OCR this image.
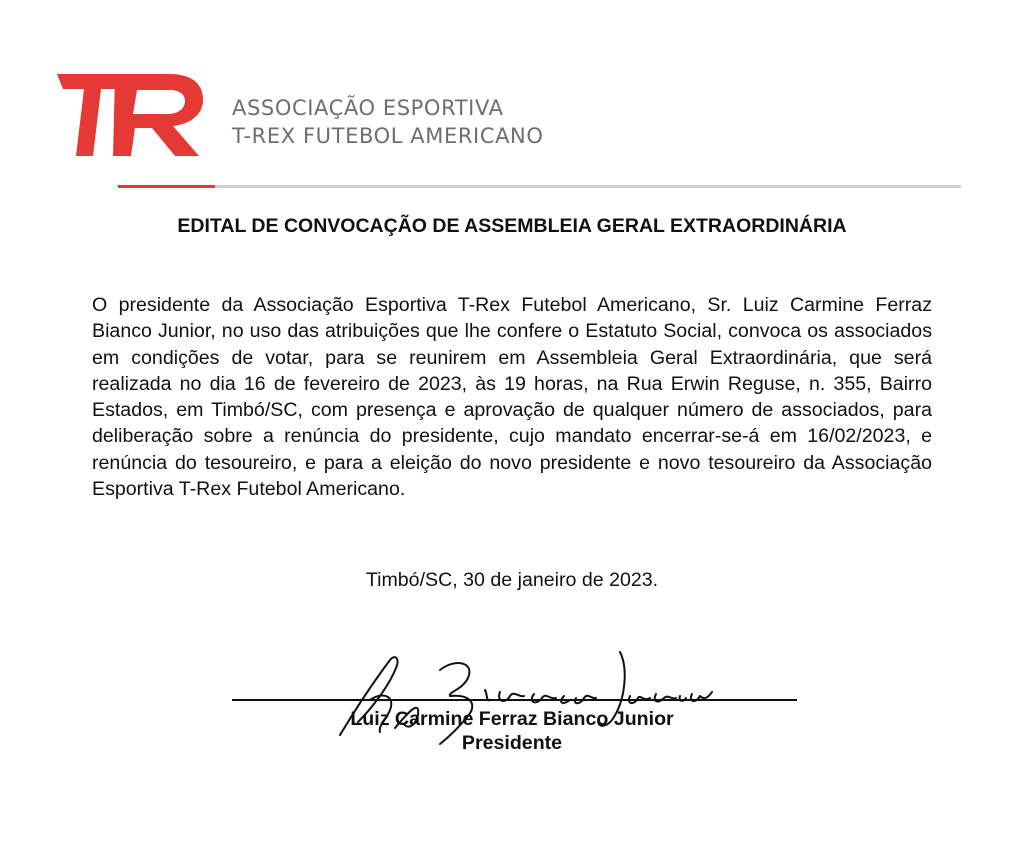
ASSOCIAÇÃO ESPORTIVA
T-REX FUTEBOL AMERICANO
EDITAL DE CONVOCAÇÃO DE ASSEMBLEIA GERAL EXTRAORDINÁRIA

O presidente da Associação Esportiva T-Rex Futebol Americano, Sr. Luiz Carmine Ferraz Bianco Junior, no uso das atribuições que lhe confere o Estatuto Social, convoca os associados em condições de votar, para se reunirem em Assembleia Geral Extraordinária, que será realizada no dia 16 de fevereiro de 2023, às 19 horas, na Rua Erwin Reguse, n. 355, Bairro Estados, em Timbó/SC, com presença e aprovação de qualquer número de associados, para deliberação sobre a renúncia do presidente, cujo mandato encerrar-se-á em 16/02/2023, e renúncia do tesoureiro, e para a eleição do novo presidente e novo tesoureiro da Associação Esportiva T-Rex Futebol Americano.

Timbó/SC, 30 de janeiro de 2023.
Luiz Carmine Ferraz Bianco Junior
Presidente
